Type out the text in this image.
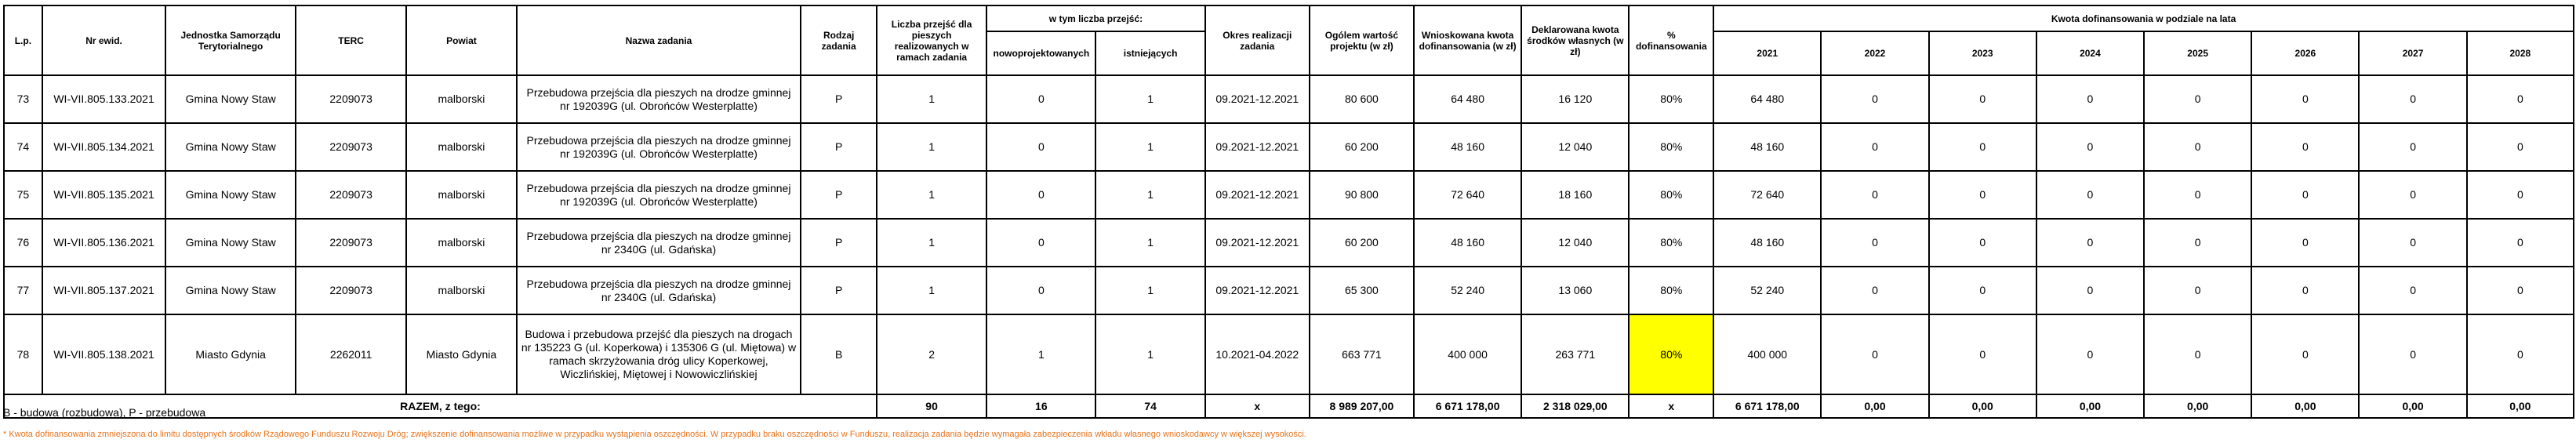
L.p.	Nr ewid.	Jednostka Samorządu Terytorialnego	TERC	Powiat	Nazwa zadania	Rodzaj zadania	Liczba przejść dla pieszych realizowanych w ramach zadania	w tym liczba przejść:		Okres realizacji zadania	Ogólem wartość projektu (w zł)	Wnioskowana kwota dofinansowania (w zł)	Deklarowana kwota środków własnych (w zł)	% dofinansowania	Kwota dofinansowania w podziale na lata							
								nowoprojektowanych	istniejących						2021	2022	2023	2024	2025	2026	2027	2028
73	WI-VII.805.133.2021	Gmina Nowy Staw	2209073	malborski	Przebudowa przejścia dla pieszych na drodze gminnej nr 192039G (ul. Obrońców Westerplatte)	P	1	0	1	09.2021-12.2021	80 600	64 480	16 120	80%	64 480	0	0	0	0	0	0	0
74	WI-VII.805.134.2021	Gmina Nowy Staw	2209073	malborski	Przebudowa przejścia dla pieszych na drodze gminnej nr 192039G (ul. Obrońców Westerplatte)	P	1	0	1	09.2021-12.2021	60 200	48 160	12 040	80%	48 160	0	0	0	0	0	0	0
75	WI-VII.805.135.2021	Gmina Nowy Staw	2209073	malborski	Przebudowa przejścia dla pieszych na drodze gminnej nr 192039G (ul. Obrońców Westerplatte)	P	1	0	1	09.2021-12.2021	90 800	72 640	18 160	80%	72 640	0	0	0	0	0	0	0
76	WI-VII.805.136.2021	Gmina Nowy Staw	2209073	malborski	Przebudowa przejścia dla pieszych na drodze gminnej nr 2340G (ul. Gdańska)	P	1	0	1	09.2021-12.2021	60 200	48 160	12 040	80%	48 160	0	0	0	0	0	0	0
77	WI-VII.805.137.2021	Gmina Nowy Staw	2209073	malborski	Przebudowa przejścia dla pieszych na drodze gminnej nr 2340G (ul. Gdańska)	P	1	0	1	09.2021-12.2021	65 300	52 240	13 060	80%	52 240	0	0	0	0	0	0	0
78	WI-VII.805.138.2021	Miasto Gdynia	2262011	Miasto Gdynia	Budowa i przebudowa przejść dla pieszych na drogach nr 135223 G (ul. Koperkowa) i 135306 G (ul. Miętowa) w ramach skrzyżowania dróg ulicy Koperkowej, Wiczlińskiej, Miętowej i Nowowiczlińskiej	B	2	1	1	10.2021-04.2022	663 771	400 000	263 771	80%	400 000	0	0	0	0	0	0	0
RAZEM, z tego:							90	16	74	x	8 989 207,00	6 671 178,00	2 318 029,00	x	6 671 178,00	0,00	0,00	0,00	0,00	0,00	0,00	0,00
B - budowa (rozbudowa), P - przebudowa
* Kwota dofinansowania zmniejszona do limitu dostępnych środków Rządowego Funduszu Rozwoju Dróg; zwiększenie dofinansowania możliwe w przypadku wystąpienia oszczędności. W przypadku braku oszczędności w Funduszu, realizacja zadania będzie wymagała zabezpieczenia wkładu własnego wnioskodawcy w większej wysokości.
